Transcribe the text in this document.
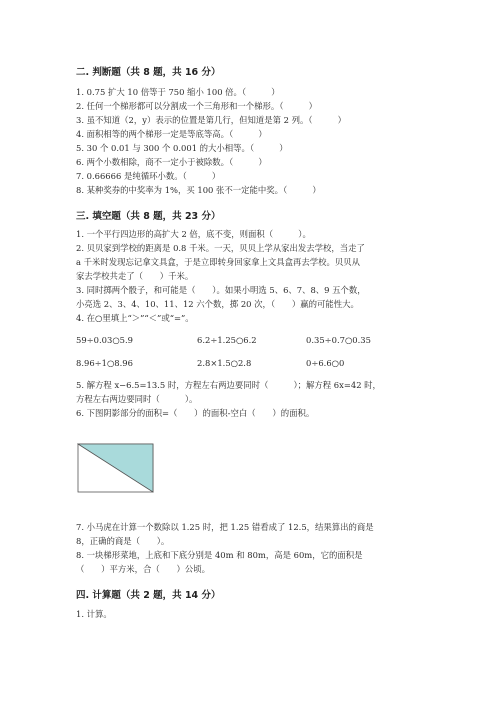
二. 判断题（共 8 题，共 16 分）
1. 0.75 扩大 10 倍等于 750 缩小 100 倍。（　　　）
2. 任何一个梯形都可以分割成一个三角形和一个梯形。（　　　）
3. 虽不知道（2，y）表示的位置是第几行，但知道是第 2 列。（　　　）
4. 面积相等的两个梯形一定是等底等高。（　　　）
5. 30 个 0.01 与 300 个 0.001 的大小相等。（　　　）
6. 两个小数相除，商不一定小于被除数。（　　　）
7. 0.66666 是纯循环小数。（　　　）
8. 某种奖券的中奖率为 1%，买 100 张不一定能中奖。（　　　）
三. 填空题（共 8 题，共 23 分）
1. 一个平行四边形的高扩大 2 倍，底不变，则面积（　　　）。
2. 贝贝家到学校的距离是 0.8 千米。一天，贝贝上学从家出发去学校，当走了
a 千米时发现忘记拿文具盒，于是立即转身回家拿上文具盒再去学校。贝贝从
家去学校共走了（　　）千米。
3. 同时掷两个骰子，和可能是（　　）。如果小明选 5、6、7、8、9 五个数，
小亮选 2、3、4、10、11、12 六个数，掷 20 次，（　　）赢的可能性大。
4. 在○里填上“＞”“＜”或“=”。
59÷0.03○5.9	6.2÷1.25○6.2	0.35÷0.7○0.35
8.96÷1○8.96	2.8×1.5○2.8	0÷6.6○0
5. 解方程 x−6.5=13.5 时，方程左右两边要同时（　　　）；解方程 6x=42 时，
方程左右两边要同时（　　　）。
6. 下图阴影部分的面积=（　　）的面积-空白（　　）的面积。
7. 小马虎在计算一个数除以 1.25 时，把 1.25 错看成了 12.5，结果算出的商是
8，正确的商是（　　）。
8. 一块梯形菜地，上底和下底分别是 40m 和 80m，高是 60m，它的面积是
（　　）平方米，合（　　）公顷。
四. 计算题（共 2 题，共 14 分）
1. 计算。
